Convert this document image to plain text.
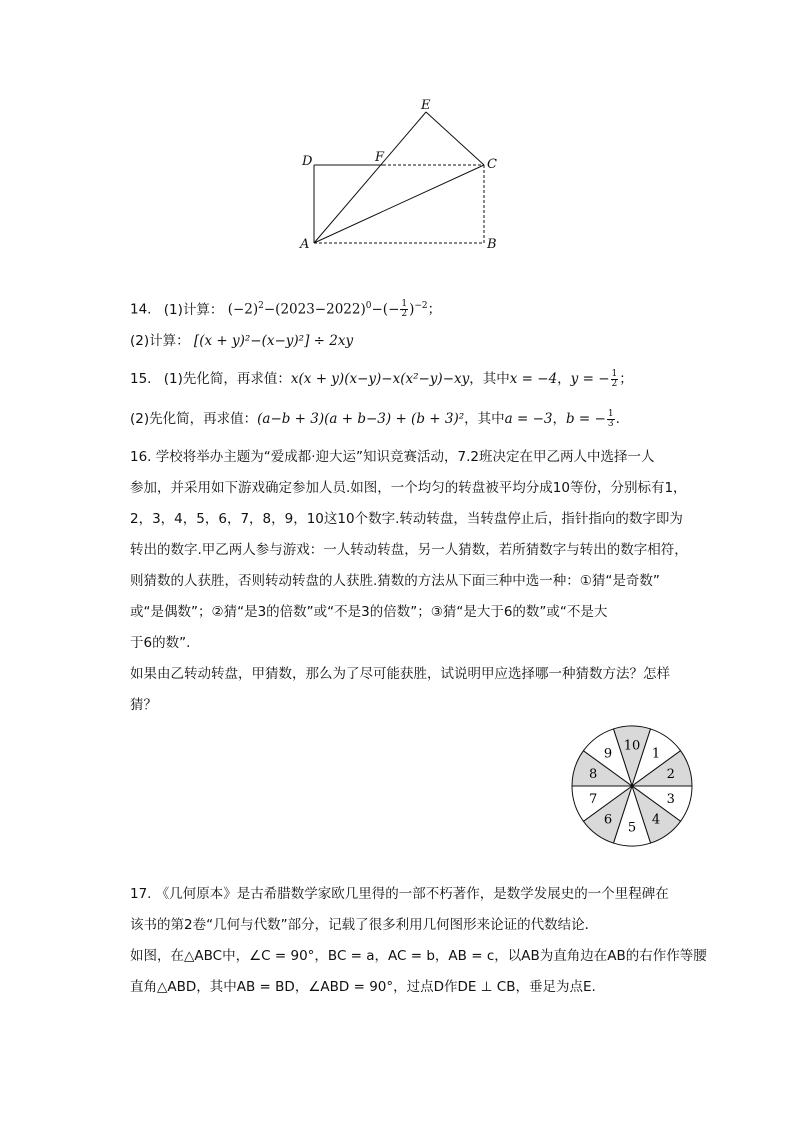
E
D	F	C
A	B
14. (1)计算： $(-2)^2-(2023-2022)^0-(- \frac{1}{2} )^{-2}$；
(2)计算： [(x + y)²−(x−y)²] ÷ 2xy
15. (1)先化简，再求值：x(x + y)(x−y)−x(x²−y)−xy，其中x = −4，y = − $\frac{1}{2}$ ；
(2)先化简，再求值：(a−b + 3)(a + b−3) + (b + 3)²，其中a = −3，b = − $\frac{1}{3}$ .
16. 学校将举办主题为“爱成都·迎大运”知识竞赛活动，7.2班决定在甲乙两人中选择一人
参加，并采用如下游戏确定参加人员.如图，一个均匀的转盘被平均分成10等份，分别标有1，
2，3，4，5，6，7，8，9，10这10个数字.转动转盘，当转盘停止后，指针指向的数字即为
转出的数字.甲乙两人参与游戏：一人转动转盘，另一人猜数，若所猜数字与转出的数字相符，
则猜数的人获胜，否则转动转盘的人获胜.猜数的方法从下面三种中选一种：①猜“是奇数”
或“是偶数”；②猜“是3的倍数”或“不是3的倍数”；③猜“是大于6的数”或“不是大
于6的数”.
如果由乙转动转盘，甲猜数，那么为了尽可能获胜，试说明甲应选择哪一种猜数方法？怎样
猜？
10
1
2
3
4
5
6
7
8
9
17. 《几何原本》是古希腊数学家欧几里得的一部不朽著作，是数学发展史的一个里程碑在
该书的第2卷“几何与代数”部分，记载了很多利用几何图形来论证的代数结论．
如图，在△ABC中，∠C = 90°，BC = a，AC = b，AB = c，以AB为直角边在AB的右作作等腰
直角△ABD，其中AB = BD，∠ABD = 90°，过点D作DE ⊥ CB，垂足为点E.
